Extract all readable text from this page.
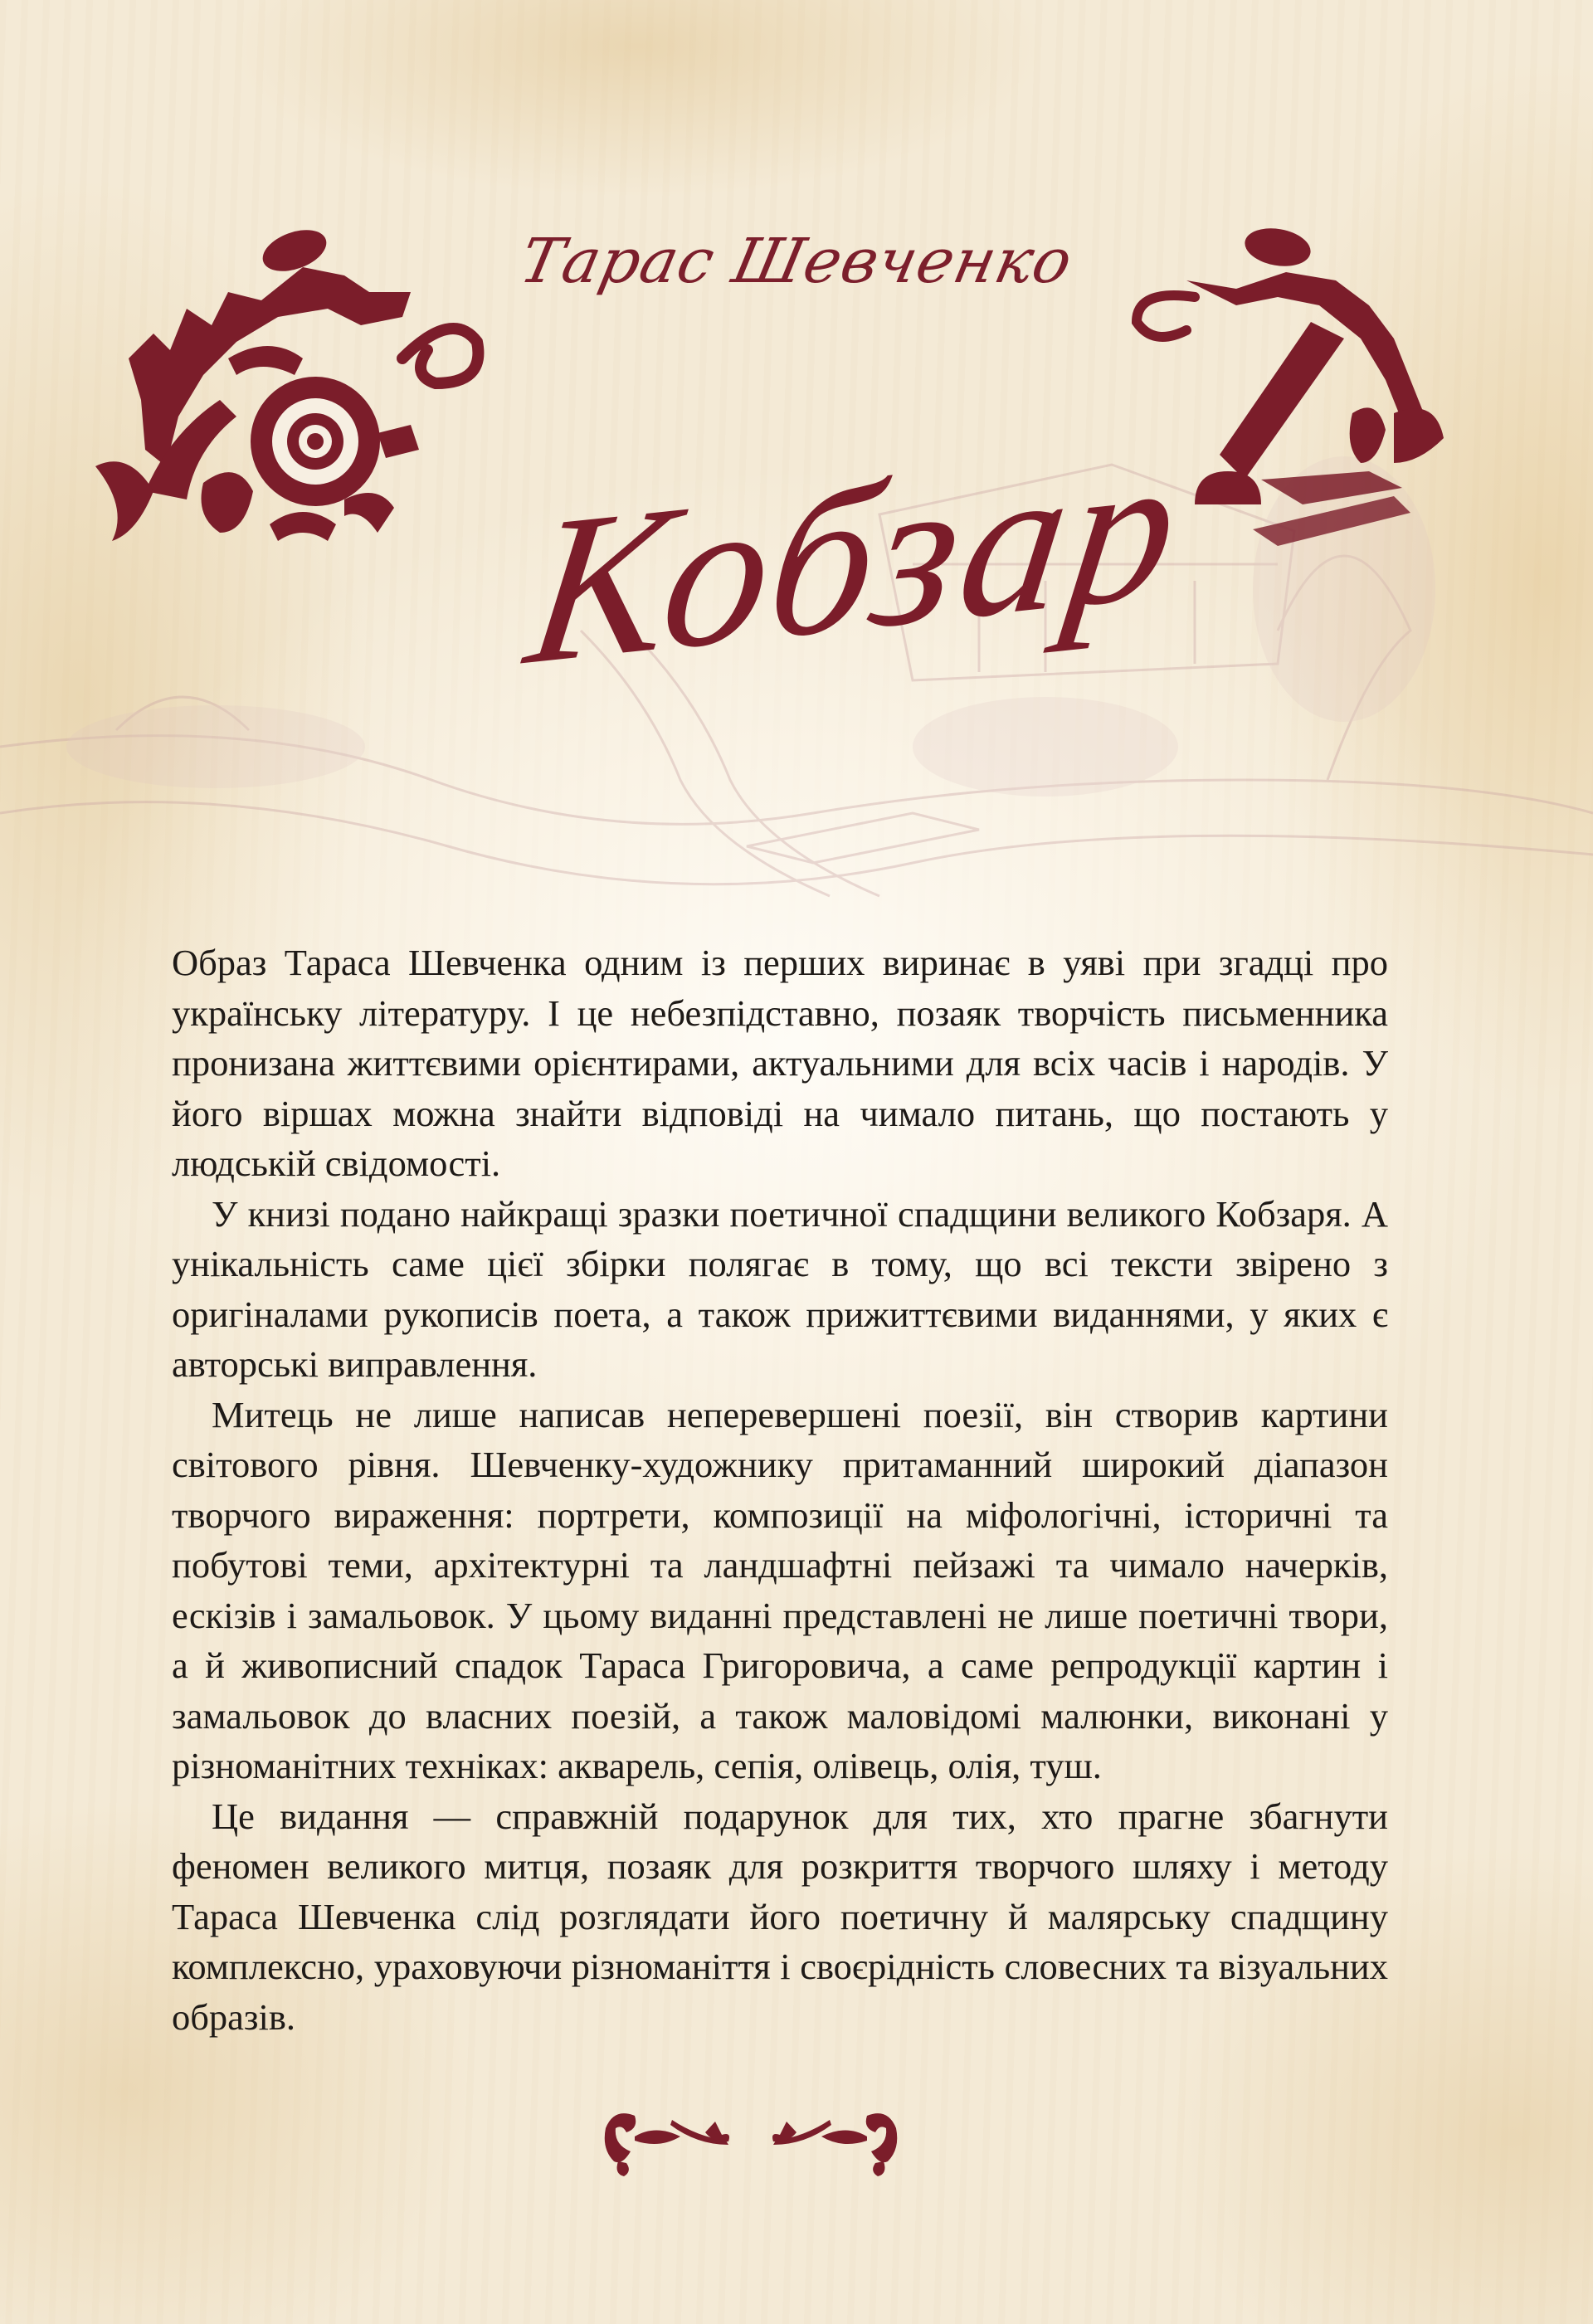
Тарас Шевченко
Кобзар

Образ Тараса Шевченка одним із перших виринає в уяві при згадці про українську літературу. І це небезпідставно, позаяк творчість письменника пронизана життєвими орієнтирами, актуальними для всіх часів і народів. У його віршах можна знайти відповіді на чимало питань, що постають у людській свідомості.

У книзі подано найкращі зразки поетичної спадщини великого Кобзаря. А унікальність саме цієї збірки полягає в тому, що всі тексти звірено з оригіналами рукописів поета, а також прижиттєвими виданнями, у яких є авторські виправлення.

Митець не лише написав неперевершені поезії, він створив картини світового рівня. Шевченку-художнику притаманний широкий діапазон творчого вираження: портрети, композиції на міфологічні, історичні та побутові теми, архітектурні та ландшафтні пейзажі та чимало начерків, ескізів і замальовок. У цьому виданні представлені не лише поетичні твори, а й живописний спадок Тараса Григоровича, а саме репродукції картин і замальовок до власних поезій, а також маловідомі малюнки, виконані у різноманітних техніках: акварель, сепія, олівець, олія, туш.

Це видання — справжній подарунок для тих, хто прагне збагнути феномен великого митця, позаяк для розкриття творчого шляху і методу Тараса Шевченка слід розглядати його поетичну й малярську спадщину комплексно, ураховуючи різноманіття і своєрідність словесних та візуальних образів.
